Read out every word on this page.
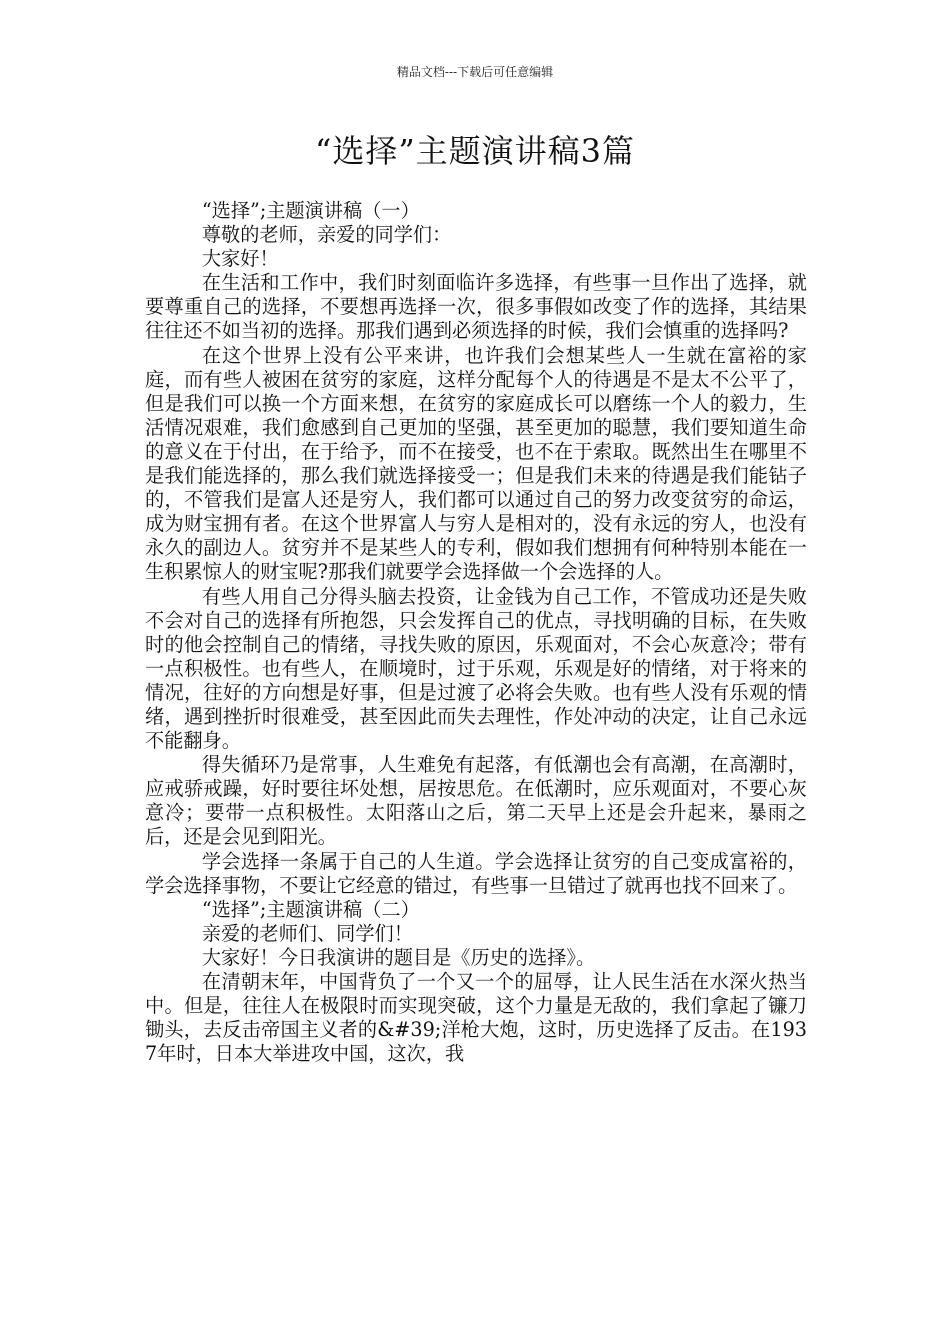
精品文档---下载后可任意编辑
“选择”主题演讲稿3篇

“选择”;主题演讲稿（一）

尊敬的老师，亲爱的同学们：

大家好！

在生活和工作中，我们时刻面临许多选择，有些事一旦作出了选择，就要尊重自己的选择，不要想再选择一次，很多事假如改变了作的选择，其结果往往还不如当初的选择。那我们遇到必须选择的时候，我们会慎重的选择吗?

在这个世界上没有公平来讲，也许我们会想某些人一生就在富裕的家庭，而有些人被困在贫穷的家庭，这样分配每个人的待遇是不是太不公平了，但是我们可以换一个方面来想，在贫穷的家庭成长可以磨练一个人的毅力，生活情况艰难，我们愈感到自己更加的坚强，甚至更加的聪慧，我们要知道生命的意义在于付出，在于给予，而不在接受，也不在于索取。既然出生在哪里不是我们能选择的，那么我们就选择接受一；但是我们未来的待遇是我们能钻子的，不管我们是富人还是穷人，我们都可以通过自己的努力改变贫穷的命运，成为财宝拥有者。在这个世界富人与穷人是相对的，没有永远的穷人，也没有永久的副边人。贫穷并不是某些人的专利，假如我们想拥有何种特别本能在一生积累惊人的财宝呢?那我们就要学会选择做一个会选择的人。

有些人用自己分得头脑去投资，让金钱为自己工作，不管成功还是失败不会对自己的选择有所抱怨，只会发挥自己的优点，寻找明确的目标，在失败时的他会控制自己的情绪，寻找失败的原因，乐观面对，不会心灰意冷；带有一点积极性。也有些人，在顺境时，过于乐观，乐观是好的情绪，对于将来的情况，往好的方向想是好事，但是过渡了必将会失败。也有些人没有乐观的情绪，遇到挫折时很难受，甚至因此而失去理性，作处冲动的决定，让自己永远不能翻身。

得失循环乃是常事，人生难免有起落，有低潮也会有高潮，在高潮时，应戒骄戒躁，好时要往坏处想，居按思危。在低潮时，应乐观面对，不要心灰意冷；要带一点积极性。太阳落山之后，第二天早上还是会升起来，暴雨之后，还是会见到阳光。

学会选择一条属于自己的人生道。学会选择让贫穷的自己变成富裕的，学会选择事物，不要让它经意的错过，有些事一旦错过了就再也找不回来了。

“选择”;主题演讲稿（二）

亲爱的老师们、同学们！

大家好！今日我演讲的题目是《历史的选择》。

在清朝末年，中国背负了一个又一个的屈辱，让人民生活在水深火热当中。但是，往往人在极限时而实现突破，这个力量是无敌的，我们拿起了镰刀锄头，去反击帝国主义者的&#39;洋枪大炮，这时，历史选择了反击。在1937年时，日本大举进攻中国，这次，我
